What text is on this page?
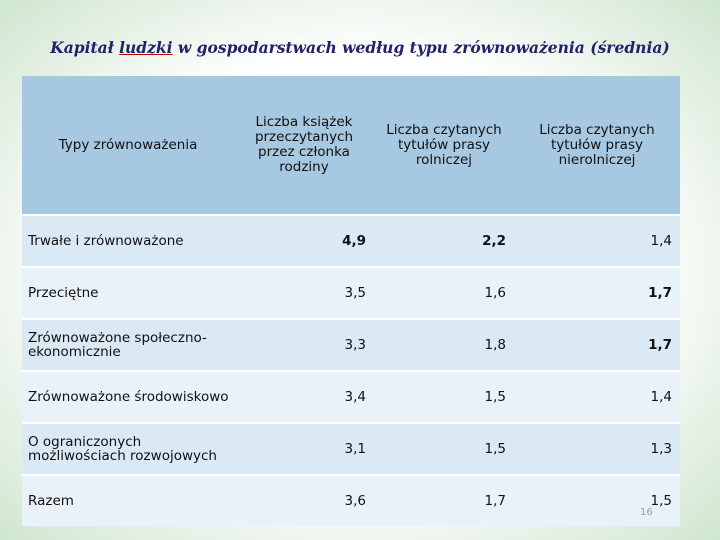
Kapitał ludzki w gospodarstwach według typu zrównoważenia (średnia)
Typy zrównoważenia	Liczba książek przeczytanych przez członka rodziny	Liczba czytanych tytułów prasy rolniczej	Liczba czytanych tytułów prasy nierolniczej
Trwałe i zrównoważone	4,9	2,2	1,4
Przeciętne	3,5	1,6	1,7
Zrównoważone społeczno-ekonomicznie	3,3	1,8	1,7
Zrównoważone środowiskowo	3,4	1,5	1,4
O ograniczonych możliwościach rozwojowych	3,1	1,5	1,3
Razem	3,6	1,7	1,5
16
